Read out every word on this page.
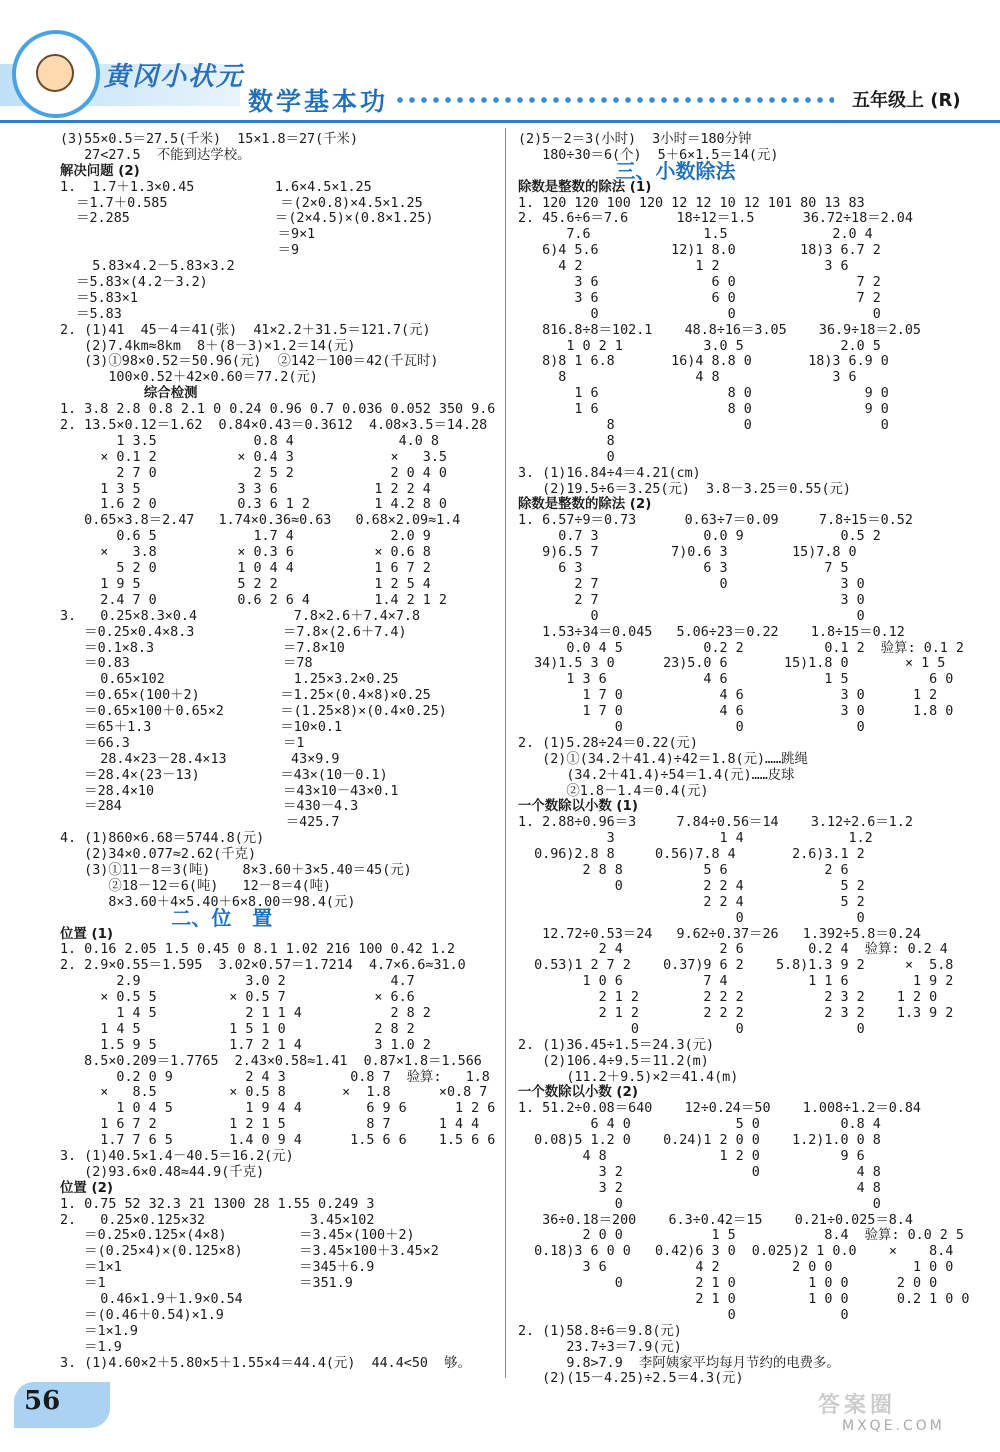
黄冈小状元
数学基本功	五年级上 (R)
(3)55×0.5＝27.5(千米)  15×1.8＝27(千米)
27<27.5  不能到达学校。
解决问题 (2)
1.  1.7＋1.3×0.45          1.6×4.5×1.25
＝1.7＋0.585              ＝(2×0.8)×4.5×1.25
＝2.285                  ＝(2×4.5)×(0.8×1.25)
＝9×1
＝9
5.83×4.2－5.83×3.2
＝5.83×(4.2－3.2)
＝5.83×1
＝5.83
2. (1)41  45－4＝41(张)  41×2.2＋31.5＝121.7(元)
(2)7.4km≈8km  8＋(8－3)×1.2＝14(元)
(3)①98×0.52＝50.96(元)  ②142－100＝42(千瓦时)
100×0.52＋42×0.60＝77.2(元)
综合检测
1. 3.8 2.8 0.8 2.1 0 0.24 0.96 0.7 0.036 0.052 350 9.6
2. 13.5×0.12＝1.62  0.84×0.43＝0.3612  4.08×3.5＝14.28
1 3.5            0.8 4             4.0 8
× 0.1 2          × 0.4 3            ×   3.5
2 7 0            2 5 2            2 0 4 0
1 3 5            3 3 6            1 2 2 4
1.6 2 0          0.3 6 1 2        1 4.2 8 0
0.65×3.8＝2.47   1.74×0.36≈0.63   0.68×2.09≈1.4
0.6 5            1.7 4            2.0 9
×   3.8          × 0.3 6          × 0.6 8
5 2 0          1 0 4 4          1 6 7 2
1 9 5            5 2 2            1 2 5 4
2.4 7 0          0.6 2 6 4        1.4 2 1 2
3.   0.25×8.3×0.4            7.8×2.6＋7.4×7.8
＝0.25×0.4×8.3           ＝7.8×(2.6＋7.4)
＝0.1×8.3                ＝7.8×10
＝0.83                   ＝78
0.65×102                1.25×3.2×0.25
＝0.65×(100＋2)          ＝1.25×(0.4×8)×0.25
＝0.65×100＋0.65×2       ＝(1.25×8)×(0.4×0.25)
＝65＋1.3                ＝10×0.1
＝66.3                   ＝1
28.4×23－28.4×13        43×9.9
＝28.4×(23－13)          ＝43×(10－0.1)
＝28.4×10                ＝43×10－43×0.1
＝284                    ＝430－4.3
＝425.7
4. (1)860×6.68＝5744.8(元)
(2)34×0.077≈2.62(千克)
(3)①11－8＝3(吨)    8×3.60＋3×5.40＝45(元)
②18－12＝6(吨)   12－8＝4(吨)
8×3.60＋4×5.40＋6×8.00＝98.4(元)
二、位   置
位置 (1)
1. 0.16 2.05 1.5 0.45 0 8.1 1.02 216 100 0.42 1.2
2. 2.9×0.55＝1.595  3.02×0.57＝1.7214  4.7×6.6≈31.0
2.9             3.0 2             4.7
× 0.5 5         × 0.5 7           × 6.6
1 4 5           2 1 1 4           2 8 2
1 4 5           1 5 1 0           2 8 2
1.5 9 5         1.7 2 1 4         3 1.0 2
8.5×0.209＝1.7765  2.43×0.58≈1.41  0.87×1.8＝1.566
0.2 0 9         2 4 3        0.8 7  验算:   1.8
×   8.5         × 0.5 8       ×  1.8      ×0.8 7
1 0 4 5         1 9 4 4        6 9 6      1 2 6
1 6 7 2         1 2 1 5          8 7      1 4 4
1.7 7 6 5       1.4 0 9 4      1.5 6 6    1.5 6 6
3. (1)40.5×1.4－40.5＝16.2(元)
(2)93.6×0.48≈44.9(千克)
位置 (2)
1. 0.75 52 32.3 21 1300 28 1.55 0.249 3
2.   0.25×0.125×32             3.45×102
＝0.25×0.125×(4×8)         ＝3.45×(100＋2)
＝(0.25×4)×(0.125×8)       ＝3.45×100＋3.45×2
＝1×1                      ＝345＋6.9
＝1                        ＝351.9
0.46×1.9＋1.9×0.54
＝(0.46＋0.54)×1.9
＝1×1.9
＝1.9
3. (1)4.60×2＋5.80×5＋1.55×4＝44.4(元)  44.4<50  够。
(2)5－2＝3(小时)  3小时＝180分钟
180÷30＝6(个)  5＋6×1.5＝14(元)
三、小数除法
除数是整数的除法 (1)
1. 120 120 100 120 12 12 10 12 101 80 13 83
2. 45.6÷6＝7.6      18÷12＝1.5      36.72÷18＝2.04
7.6              1.5             2.0 4
6)4 5.6         12)1 8.0        18)3 6.7 2
4 2              1 2             3 6
3 6              6 0               7 2
3 6              6 0               7 2
0                0                 0
816.8÷8＝102.1    48.8÷16＝3.05    36.9÷18＝2.05
1 0 2 1          3.0 5            2.0 5
8)8 1 6.8       16)4 8.8 0       18)3 6.9 0
8                4 8              3 6
1 6                8 0              9 0
1 6                8 0              9 0
8                0                0
8
0
3. (1)16.84÷4＝4.21(cm)
(2)19.5÷6＝3.25(元)  3.8－3.25＝0.55(元)
除数是整数的除法 (2)
1. 6.57÷9＝0.73      0.63÷7＝0.09     7.8÷15＝0.52
0.7 3             0.0 9            0.5 2
9)6.5 7         7)0.6 3        15)7.8 0
6 3               6 3            7 5
2 7               0              3 0
2 7                              3 0
0                                0
1.53÷34＝0.045   5.06÷23＝0.22    1.8÷15＝0.12
0.0 4 5          0.2 2          0.1 2  验算: 0.1 2
34)1.5 3 0      23)5.0 6       15)1.8 0       × 1 5
1 3 6            4 6            1 5          6 0
1 7 0            4 6            3 0      1 2
1 7 0            4 6            3 0      1.8 0
0              0              0
2. (1)5.28÷24＝0.22(元)
(2)①(34.2＋41.4)÷42＝1.8(元)……跳绳
(34.2＋41.4)÷54＝1.4(元)……皮球
②1.8－1.4＝0.4(元)
一个数除以小数 (1)
1. 2.88÷0.96＝3     7.84÷0.56＝14    3.12÷2.6＝1.2
3             1 4             1.2
0.96)2.8 8     0.56)7.8 4       2.6)3.1 2
2 8 8          5 6            2 6
0          2 2 4            5 2
2 2 4            5 2
0              0
12.72÷0.53＝24   9.62÷0.37＝26   1.392÷5.8＝0.24
2 4            2 6        0.2 4  验算: 0.2 4
0.53)1 2 7 2    0.37)9 6 2    5.8)1.3 9 2     ×  5.8
1 0 6          7 4          1 1 6        1 9 2
2 1 2        2 2 2          2 3 2    1 2 0
2 1 2        2 2 2          2 3 2    1.3 9 2
0            0              0
2. (1)36.45÷1.5＝24.3(元)
(2)106.4÷9.5＝11.2(m)
(11.2＋9.5)×2＝41.4(m)
一个数除以小数 (2)
1. 51.2÷0.08＝640    12÷0.24＝50    1.008÷1.2＝0.84
6 4 0             5 0          0.8 4
0.08)5 1.2 0    0.24)1 2 0 0    1.2)1.0 0 8
4 8              1 2 0          9 6
3 2                0            4 8
3 2                             4 8
0                               0
36÷0.18＝200    6.3÷0.42＝15    0.21÷0.025＝8.4
2 0 0           1 5           8.4  验算: 0.0 2 5
0.18)3 6 0 0   0.42)6 3 0  0.025)2 1 0.0    ×    8.4
3 6           4 2         2 0 0          1 0 0
0         2 1 0         1 0 0      2 0 0
2 1 0         1 0 0      0.2 1 0 0
0             0
2. (1)58.8÷6＝9.8(元)
23.7÷3＝7.9(元)
9.8>7.9  李阿姨家平均每月节约的电费多。
(2)(15－4.25)÷2.5＝4.3(元)
56	答案圈
MXQE.COM
